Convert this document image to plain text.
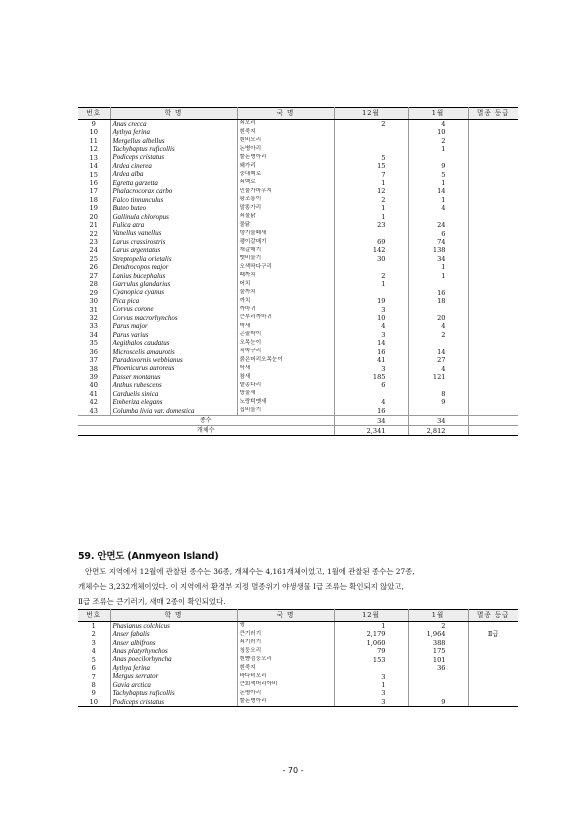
번호	학 명	국 명	12월	1월	멸종 등급
9	Anas crecca	쇠오리	2	4	
10	Aythya ferina	흰죽지		10	
11	Mergellus albellus	흰비오리		2	
12	Tachybaptus ruficollis	논병아리		1	
13	Podiceps cristatus	뿔논병아리	5		
14	Ardea cinerea	왜가리	15	9	
15	Ardea alba	중대백로	7	5	
16	Egretta garzetta	쇠백로	1	1	
17	Phalacrocorax carbo	민물가마우지	12	14	
18	Falco tinnunculus	황조롱이	2	1	
19	Buteo buteo	말똥가리	1	4	
20	Gallinula chloropus	쇠물닭	1		
21	Fulica atra	물닭	23	24	
22	Vanellus vanellus	댕기물떼새		6	
23	Larus crassirostris	괭이갈매기	69	74	
24	Larus argentatus	재갈매기	142	138	
25	Streptopelia orietalis	멧비둘기	30	34	
26	Dendrocopos major	오색딱다구리		1	
27	Lanius bucephalus	때까치	2	1	
28	Garrulus glandarius	어치	1		
29	Cyanopica cyanus	물까치		16	
30	Pica pica	까치	19	18	
31	Corvus corone	까마귀	3		
32	Corvus macrorhynchos	큰부리까마귀	10	20	
33	Parus major	박새	4	4	
34	Parus varius	곤줄박이	3	2	
35	Aegithalos caudatus	오목눈이	14		
36	Microscelis amaurotis	직박구리	16	14	
37	Paradoxornis webbianus	붉은머리오목눈이	41	27	
38	Phoenicurus auroreus	딱새	3	4	
39	Passer montanus	참새	185	121	
40	Anthus rubescens	밭종다리	6		
41	Carduelis sinica	방울새		8	
42	Emberiza elegans	노랑턱멧새	4	9	
43	Columba livia var. domestica	집비둘기	16		
종수			34	34	
개체수			2,341	2,812	
59. 안면도 (Anmyeon Island)

안면도 지역에서 12월에 관찰된 종수는 36종, 개체수는 4,161개체이었고, 1월에 관찰된 종수는 27종,
개체수는 3,232개체이었다. 이 지역에서 환경부 지정 멸종위기 야생생물 Ⅰ급 조류는 확인되지 않았고,
Ⅱ급 조류는 큰기러기, 새매 2종이 확인되었다.

번호	학 명	국 명	12월	1월	멸종 등급
1	Phasianus colchicus	꿩	1	2	
2	Anser fabalis	큰기러기	2,179	1,964	Ⅱ급
3	Anser albifrons	쇠기러기	1,060	388	
4	Anas platyrhynchos	청둥오리	79	175	
5	Anas poecilorhyncha	흰뺨검둥오리	153	101	
6	Aythya ferina	흰죽지		36	
7	Mergus serrator	바다비오리	3		
8	Gavia arctica	큰회색머리아비	1		
9	Tachybaptus ruficollis	논병아리	3		
10	Podiceps cristatus	뿔논병아리	3	9	
- 70 -
